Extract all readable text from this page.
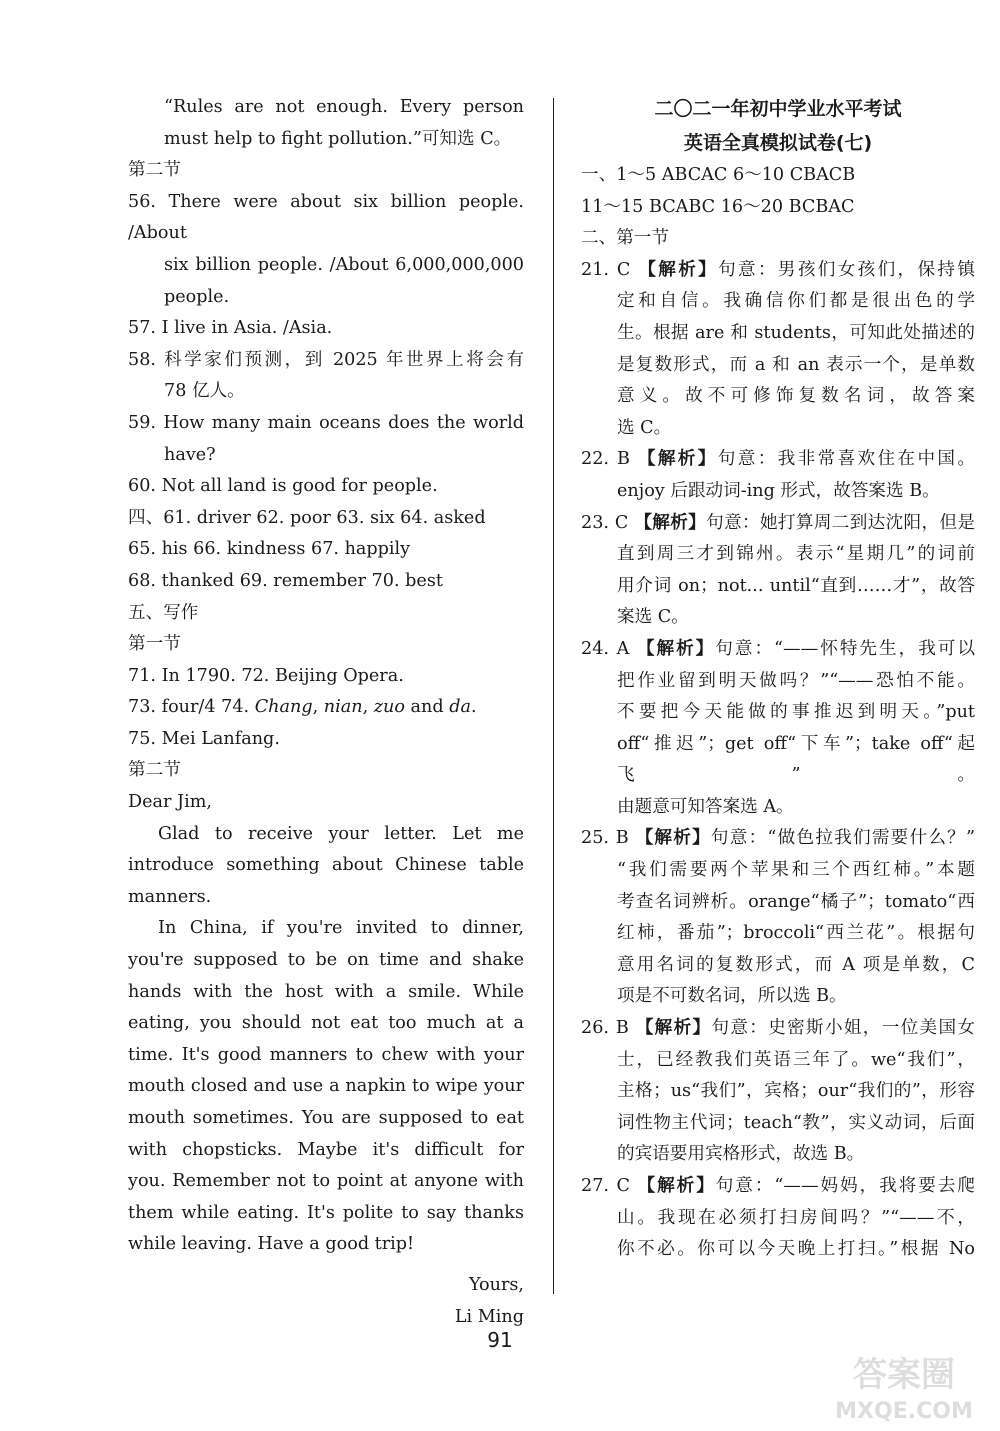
“Rules are not enough. Every person

must help to fight pollution.”可知选 C。

第二节

56. There were about six billion people. /About

six billion people. /About 6,000,000,000

people.

57. I live in Asia. /Asia.

58. 科学家们预测，到 2025 年世界上将会有

78 亿人。

59. How many main oceans does the world

have?

60. Not all land is good for people.

四、61. driver 62. poor 63. six 64. asked

65. his 66. kindness 67. happily

68. thanked 69. remember 70. best

五、写作

第一节

71. In 1790. 72. Beijing Opera.

73. four/4 74. Chang, nian, zuo and da.

75. Mei Lanfang.

第二节

Dear Jim,

Glad to receive your letter. Let me

introduce something about Chinese table

manners.

In China, if you're invited to dinner,

you're supposed to be on time and shake

hands with the host with a smile. While

eating, you should not eat too much at a

time. It's good manners to chew with your

mouth closed and use a napkin to wipe your

mouth sometimes. You are supposed to eat

with chopsticks. Maybe it's difficult for

you. Remember not to point at anyone with

them while eating. It's polite to say thanks

while leaving. Have a good trip!

Yours,

Li Ming

二〇二一年初中学业水平考试

英语全真模拟试卷(七)

一、1～5 ABCAC 6～10 CBACB

11～15 BCABC 16～20 BCBAC

二、第一节

21. C 【解析】句意：男孩们女孩们，保持镇

定和自信。我确信你们都是很出色的学

生。根据 are 和 students，可知此处描述的

是复数形式，而 a 和 an 表示一个，是单数

意义。故不可修饰复数名词，故答案

选 C。

22. B 【解析】句意：我非常喜欢住在中国。

enjoy 后跟动词-ing 形式，故答案选 B。

23. C 【解析】句意：她打算周二到达沈阳，但是

直到周三才到锦州。表示“星期几”的词前

用介词 on；not... until“直到……才”，故答

案选 C。

24. A 【解析】句意：“——怀特先生，我可以

把作业留到明天做吗？”“——恐怕不能。

不要把今天能做的事推迟到明天。”put

off“推迟”；get off“下车”；take off“起飞”。

由题意可知答案选 A。

25. B 【解析】句意：“做色拉我们需要什么？”

“我们需要两个苹果和三个西红柿。”本题

考查名词辨析。orange“橘子”；tomato“西

红柿，番茄”；broccoli“西兰花”。根据句

意用名词的复数形式，而 A 项是单数，C

项是不可数名词，所以选 B。

26. B 【解析】句意：史密斯小姐，一位美国女

士，已经教我们英语三年了。we“我们”，

主格；us“我们”，宾格；our“我们的”，形容

词性物主代词；teach“教”，实义动词，后面

的宾语要用宾格形式，故选 B。

27. C 【解析】句意：“——妈妈，我将要去爬

山。我现在必须打扫房间吗？”“——不，

你不必。你可以今天晚上打扫。”根据 No

91
答案圈
MXQE.COM
